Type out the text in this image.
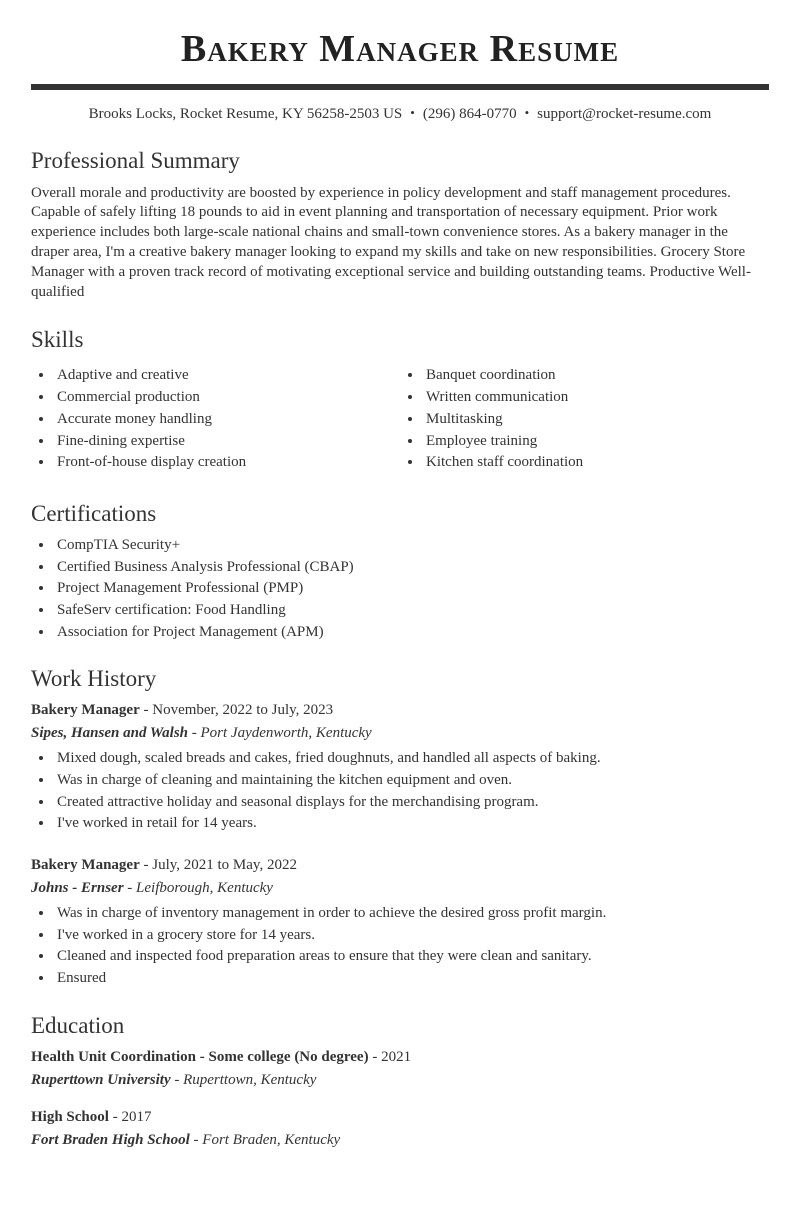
Bakery Manager Resume
Brooks Locks, Rocket Resume, KY 56258-2503 US • (296) 864-0770 • support@rocket-resume.com
Professional Summary

Overall morale and productivity are boosted by experience in policy development and staff management procedures. Capable of safely lifting 18 pounds to aid in event planning and transportation of necessary equipment. Prior work experience includes both large-scale national chains and small-town convenience stores. As a bakery manager in the draper area, I'm a creative bakery manager looking to expand my skills and take on new responsibilities. Grocery Store Manager with a proven track record of motivating exceptional service and building outstanding teams. Productive Well-qualified

Skills
• Adaptive and creative
• Commercial production
• Accurate money handling
• Fine-dining expertise
• Front-of-house display creation
• Banquet coordination
• Written communication
• Multitasking
• Employee training
• Kitchen staff coordination
Certifications
• CompTIA Security+
• Certified Business Analysis Professional (CBAP)
• Project Management Professional (PMP)
• SafeServ certification: Food Handling
• Association for Project Management (APM)
Work History
Bakery Manager - November, 2022 to July, 2023
Sipes, Hansen and Walsh - Port Jaydenworth, Kentucky
• Mixed dough, scaled breads and cakes, fried doughnuts, and handled all aspects of baking.
• Was in charge of cleaning and maintaining the kitchen equipment and oven.
• Created attractive holiday and seasonal displays for the merchandising program.
• I've worked in retail for 14 years.
Bakery Manager - July, 2021 to May, 2022
Johns - Ernser - Leifborough, Kentucky
• Was in charge of inventory management in order to achieve the desired gross profit margin.
• I've worked in a grocery store for 14 years.
• Cleaned and inspected food preparation areas to ensure that they were clean and sanitary.
• Ensured
Education
Health Unit Coordination - Some college (No degree) - 2021
Ruperttown University - Ruperttown, Kentucky
High School - 2017
Fort Braden High School - Fort Braden, Kentucky
